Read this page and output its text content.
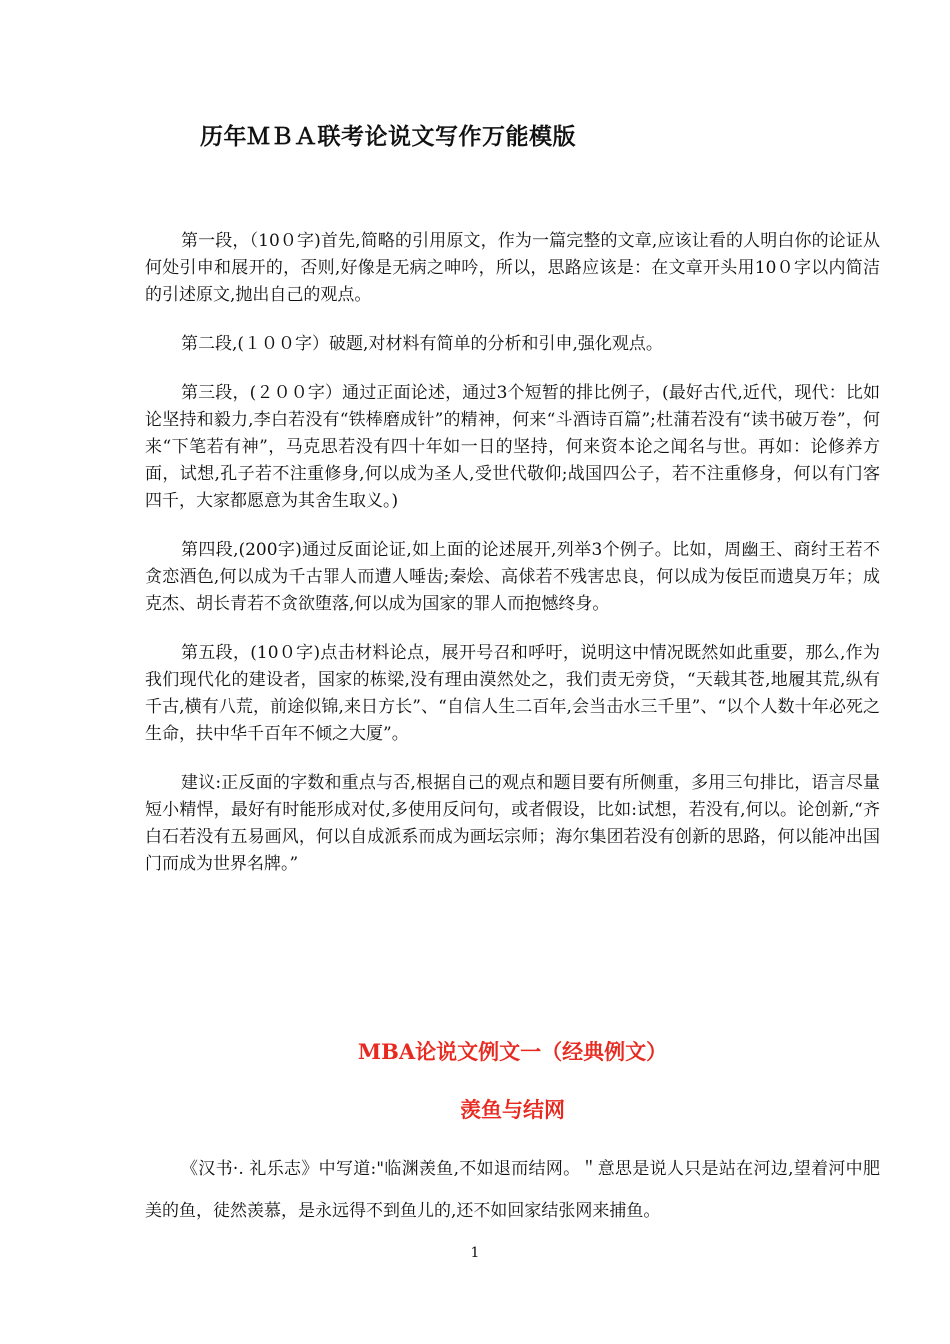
历年ＭＢＡ联考论说文写作万能模版

第一段，（10０字)首先,简略的引用原文，作为一篇完整的文章,应该让看的人明白你的论证从何处引申和展开的，否则,好像是无病之呻吟，所以，思路应该是：在文章开头用10０字以内简洁的引述原文,抛出自己的观点。

第二段,(１００字）破题,对材料有简单的分析和引申,强化观点。

第三段，(２００字）通过正面论述，通过3个短暂的排比例子，(最好古代,近代，现代：比如论坚持和毅力,李白若没有“铁棒磨成针”的精神，何来“斗酒诗百篇”;杜蒲若没有“读书破万卷”，何来“下笔若有神”，马克思若没有四十年如一日的坚持，何来资本论之闻名与世。再如：论修养方面，试想,孔子若不注重修身,何以成为圣人,受世代敬仰;战国四公子，若不注重修身，何以有门客四千，大家都愿意为其舍生取义。)

第四段,(200字)通过反面论证,如上面的论述展开,列举3个例子。比如，周幽王、商纣王若不贪恋酒色,何以成为千古罪人而遭人唾齿;秦烩、高俅若不残害忠良，何以成为佞臣而遗臭万年；成克杰、胡长青若不贪欲堕落,何以成为国家的罪人而抱憾终身。

第五段，(10０字)点击材料论点，展开号召和呼吁，说明这中情况既然如此重要，那么,作为我们现代化的建设者，国家的栋梁,没有理由漠然处之，我们责无旁贷，“天载其苍,地履其荒,纵有千古,横有八荒，前途似锦,来日方长”、“自信人生二百年,会当击水三千里”、“以个人数十年必死之生命，扶中华千百年不倾之大厦”。

建议:正反面的字数和重点与否,根据自己的观点和题目要有所侧重，多用三句排比，语言尽量短小精悍，最好有时能形成对仗,多使用反问句，或者假设，比如:试想，若没有,何以。论创新,“齐白石若没有五易画风，何以自成派系而成为画坛宗师；海尔集团若没有创新的思路，何以能冲出国门而成为世界名牌。”

MBA论说文例文一（经典例文）
羡鱼与结网

《汉书·. 礼乐志》中写道:"临渊羡鱼,不如退而结网。＂意思是说人只是站在河边,望着河中肥美的鱼，徒然羡慕，是永远得不到鱼儿的,还不如回家结张网来捕鱼。

1
